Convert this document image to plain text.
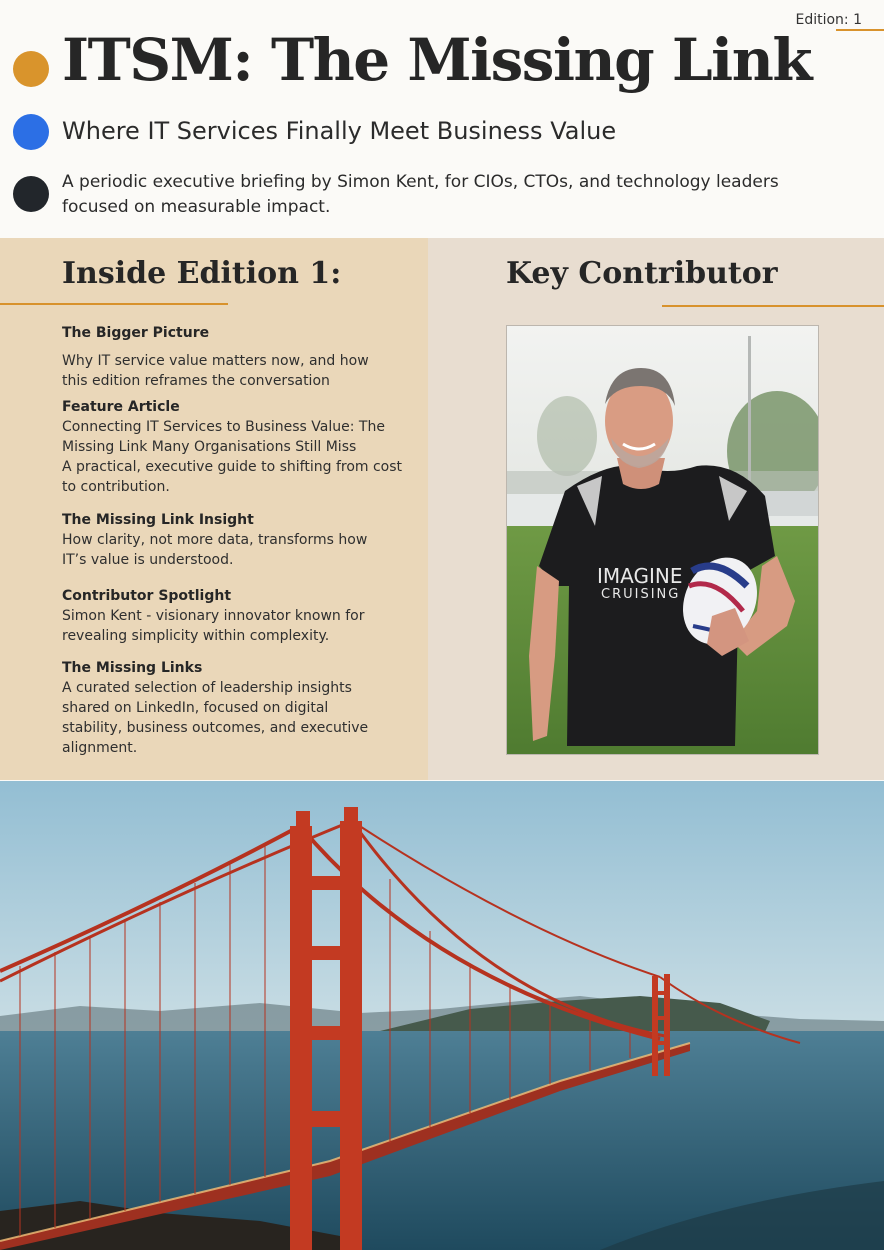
Edition: 1
ITSM: The Missing Link
Where IT Services Finally Meet Business Value
A periodic executive briefing by Simon Kent, for CIOs, CTOs, and technology leaders focused on measurable impact.
Inside Edition 1:	Key Contributor
The Bigger Picture

Why IT service value matters now, and how
this edition reframes the conversation

Feature Article

Connecting IT Services to Business Value: The
Missing Link Many Organisations Still Miss
A practical, executive guide to shifting from cost
to contribution.

The Missing Link Insight

How clarity, not more data, transforms how
IT’s value is understood.

Contributor Spotlight

Simon Kent - visionary innovator known for
revealing simplicity within complexity.

The Missing Links

A curated selection of leadership insights
shared on LinkedIn, focused on digital
stability, business outcomes, and executive
alignment.

IMAGINE
CRUISING
